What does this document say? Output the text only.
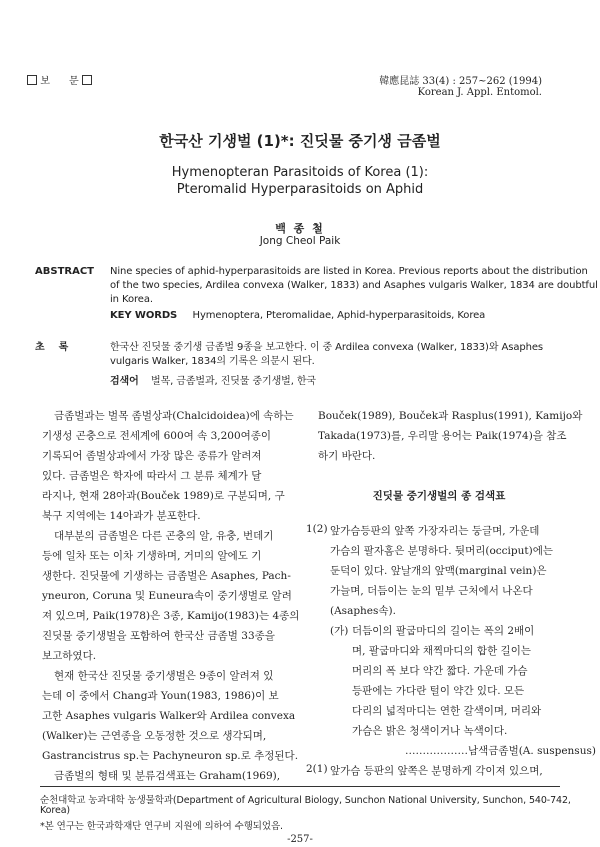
보 문	韓應昆誌 33(4) : 257~262 (1994)
Korean J. Appl. Entomol.
한국산 기생벌 (1)*: 진딧물 중기생 금좀벌
Hymenopteran Parasitoids of Korea (1):
Pteromalid Hyperparasitoids on Aphid
백 종 철
Jong Cheol Paik
ABSTRACT Nine species of aphid-hyperparasitoids are listed in Korea. Previous reports about the distribution
of the two species, Ardilea convexa (Walker, 1833) and Asaphes vulgaris Walker, 1834 are doubtful
in Korea.
KEY WORDS Hymenoptera, Pteromalidae, Aphid-hyperparasitoids, Korea
초    록	한국산 진딧물 중기생 금좀벌 9종을 보고한다. 이 중 Ardilea convexa (Walker, 1833)와 Asaphes
vulgaris Walker, 1834의 기록은 의문시 된다.
검색어 벌목, 금좀벌과, 진딧물 중기생벌, 한국
금좀벌과는 벌목 좀벌상과(Chalcidoidea)에 속하는
기생성 곤충으로 전세계에 600여 속 3,200여종이
기록되어 좀벌상과에서 가장 많은 종류가 알려져
있다. 금좀벌은 학자에 따라서 그 분류 체계가 달
라지나, 현재 28아과(Bouček 1989)로 구분되며, 구
북구 지역에는 14아과가 분포한다.
대부분의 금좀벌은 다른 곤충의 알, 유충, 번데기
등에 일차 또는 이차 기생하며, 거미의 알에도 기
생한다. 진딧물에 기생하는 금좀벌은 Asaphes, Pach-
yneuron, Coruna 및 Euneura속이 중기생벌로 알려
져 있으며, Paik(1978)은 3종, Kamijo(1983)는 4종의
진딧물 중기생벌을 포함하여 한국산 금좀벌 33종을
보고하였다.
현재 한국산 진딧물 중기생벌은 9종이 알려져 있
는데 이 중에서 Chang과 Youn(1983, 1986)이 보
고한 Asaphes vulgaris Walker와 Ardilea convexa
(Walker)는 근연종을 오동정한 것으로 생각되며,
Gastrancistrus sp.는 Pachyneuron sp.로 추정된다.
금좀벌의 형태 및 분류검색표는 Graham(1969),
Bouček(1989), Bouček과 Rasplus(1991), Kamijo와
Takada(1973)를, 우리말 용어는 Paik(1974)을 참조
하기 바란다.
진딧물 중기생벌의 종 검색표
1(2) 앞가슴등판의 앞쪽 가장자리는 둥글며, 가운데
가슴의 팔자홈은 분명하다. 뒷머리(occiput)에는
둔덕이 있다. 앞날개의 앞맥(marginal vein)은
가늘며, 더듬이는 눈의 밑부 근처에서 나온다
(Asaphes속).
(가) 더듬이의 팔굽마디의 길이는 폭의 2배이
며, 팔굽마디와 채찍마디의 합한 길이는
머리의 폭 보다 약간 짧다. 가운데 가슴
등판에는 가다란 털이 약간 있다. 모든
다리의 넓적마디는 연한 갈색이며, 머리와
가슴은 밝은 청색이거나 녹색이다.
………………남색금좀벌(A. suspensus)
2(1) 앞가슴 등판의 앞쪽은 분명하게 각이져 있으며,
순천대학교 농과대학 농생물학과(Department of Agricultural Biology, Sunchon National University, Sunchon, 540-742,
Korea)
*본 연구는 한국과학재단 연구비 지원에 의하여 수행되었음.
-257-
